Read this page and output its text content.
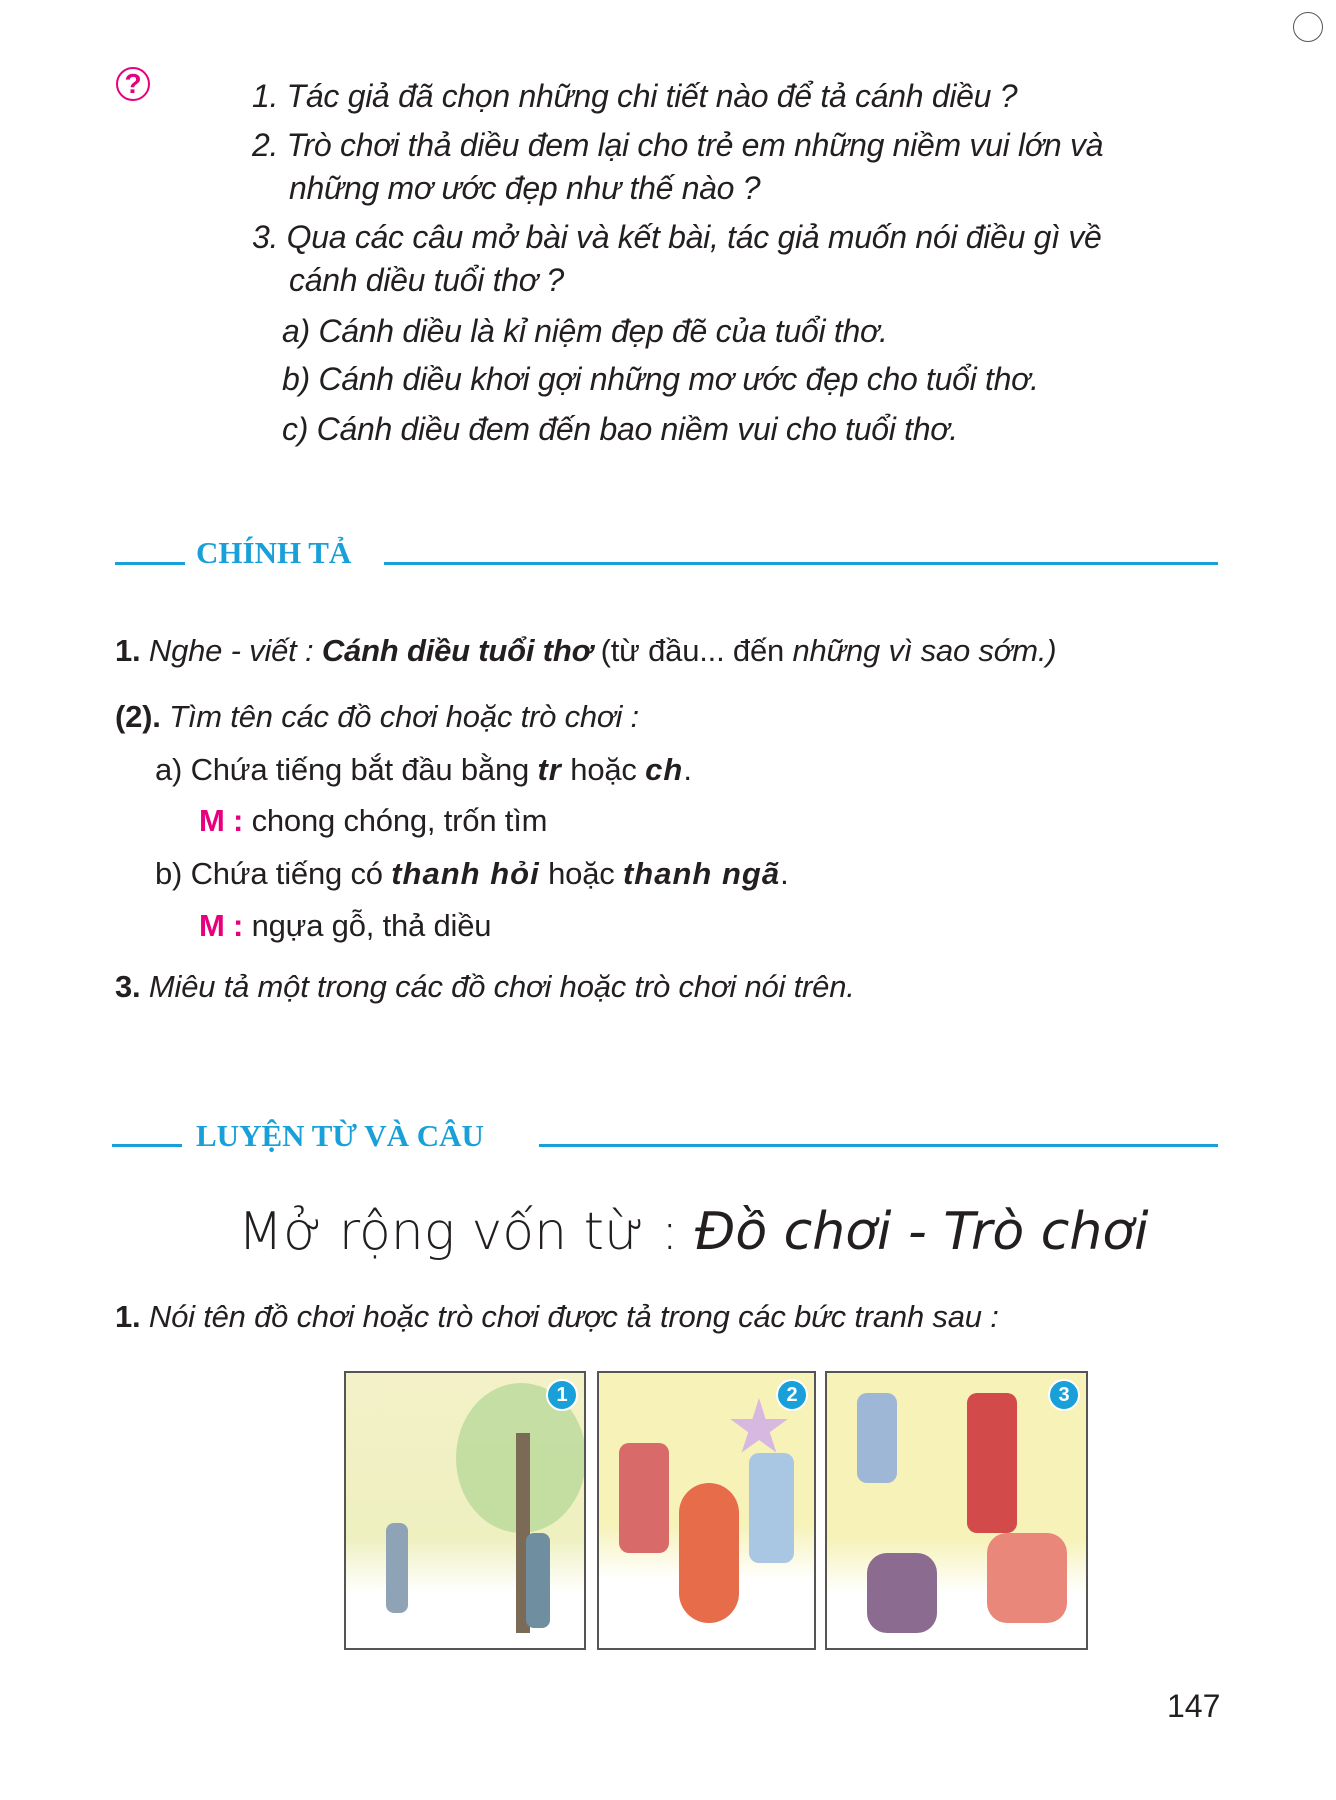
?	1. Tác giả đã chọn những chi tiết nào để tả cánh diều ?
2. Trò chơi thả diều đem lại cho trẻ em những niềm vui lớn và
những mơ ước đẹp như thế nào ?
3. Qua các câu mở bài và kết bài, tác giả muốn nói điều gì về
cánh diều tuổi thơ ?
a) Cánh diều là kỉ niệm đẹp đẽ của tuổi thơ.
b) Cánh diều khơi gợi những mơ ước đẹp cho tuổi thơ.
c) Cánh diều đem đến bao niềm vui cho tuổi thơ.
CHÍNH TẢ
1. Nghe - viết : Cánh diều tuổi thơ (từ đầu... đến những vì sao sớm.)
(2). Tìm tên các đồ chơi hoặc trò chơi :
a) Chứa tiếng bắt đầu bằng tr hoặc ch.
M : chong chóng, trốn tìm
b) Chứa tiếng có thanh hỏi hoặc thanh ngã.
M : ngựa gỗ, thả diều
3. Miêu tả một trong các đồ chơi hoặc trò chơi nói trên.
LUYỆN TỪ VÀ CÂU
Mở rộng vốn từ : Đồ chơi - Trò chơi
1. Nói tên đồ chơi hoặc trò chơi được tả trong các bức tranh sau :
1	2	3
147
